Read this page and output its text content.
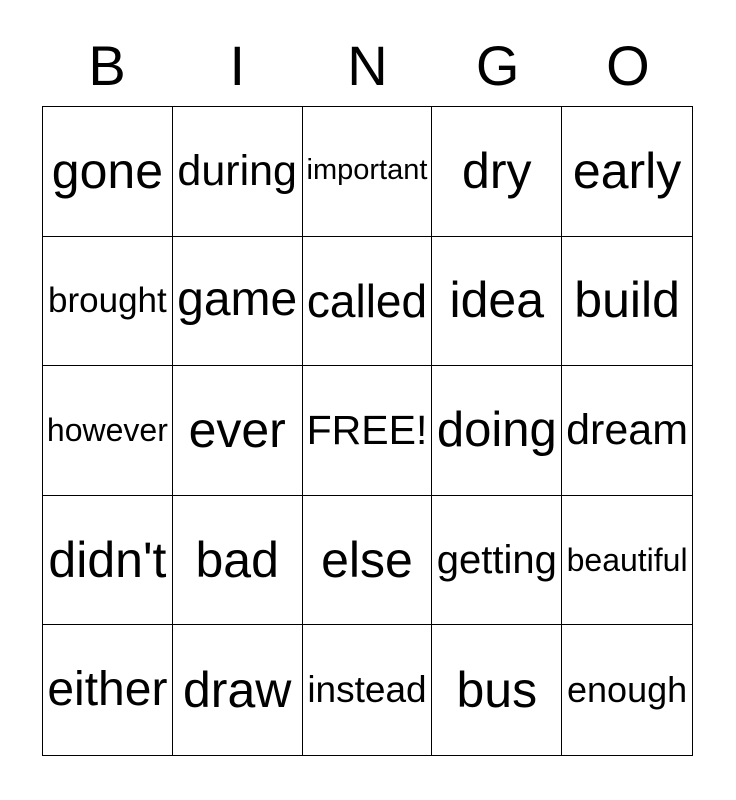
B	I	N	G	O
gone during important dry early
brought game called idea build
however ever FREE! doing dream
didn't bad else getting beautiful
either draw instead bus enough
